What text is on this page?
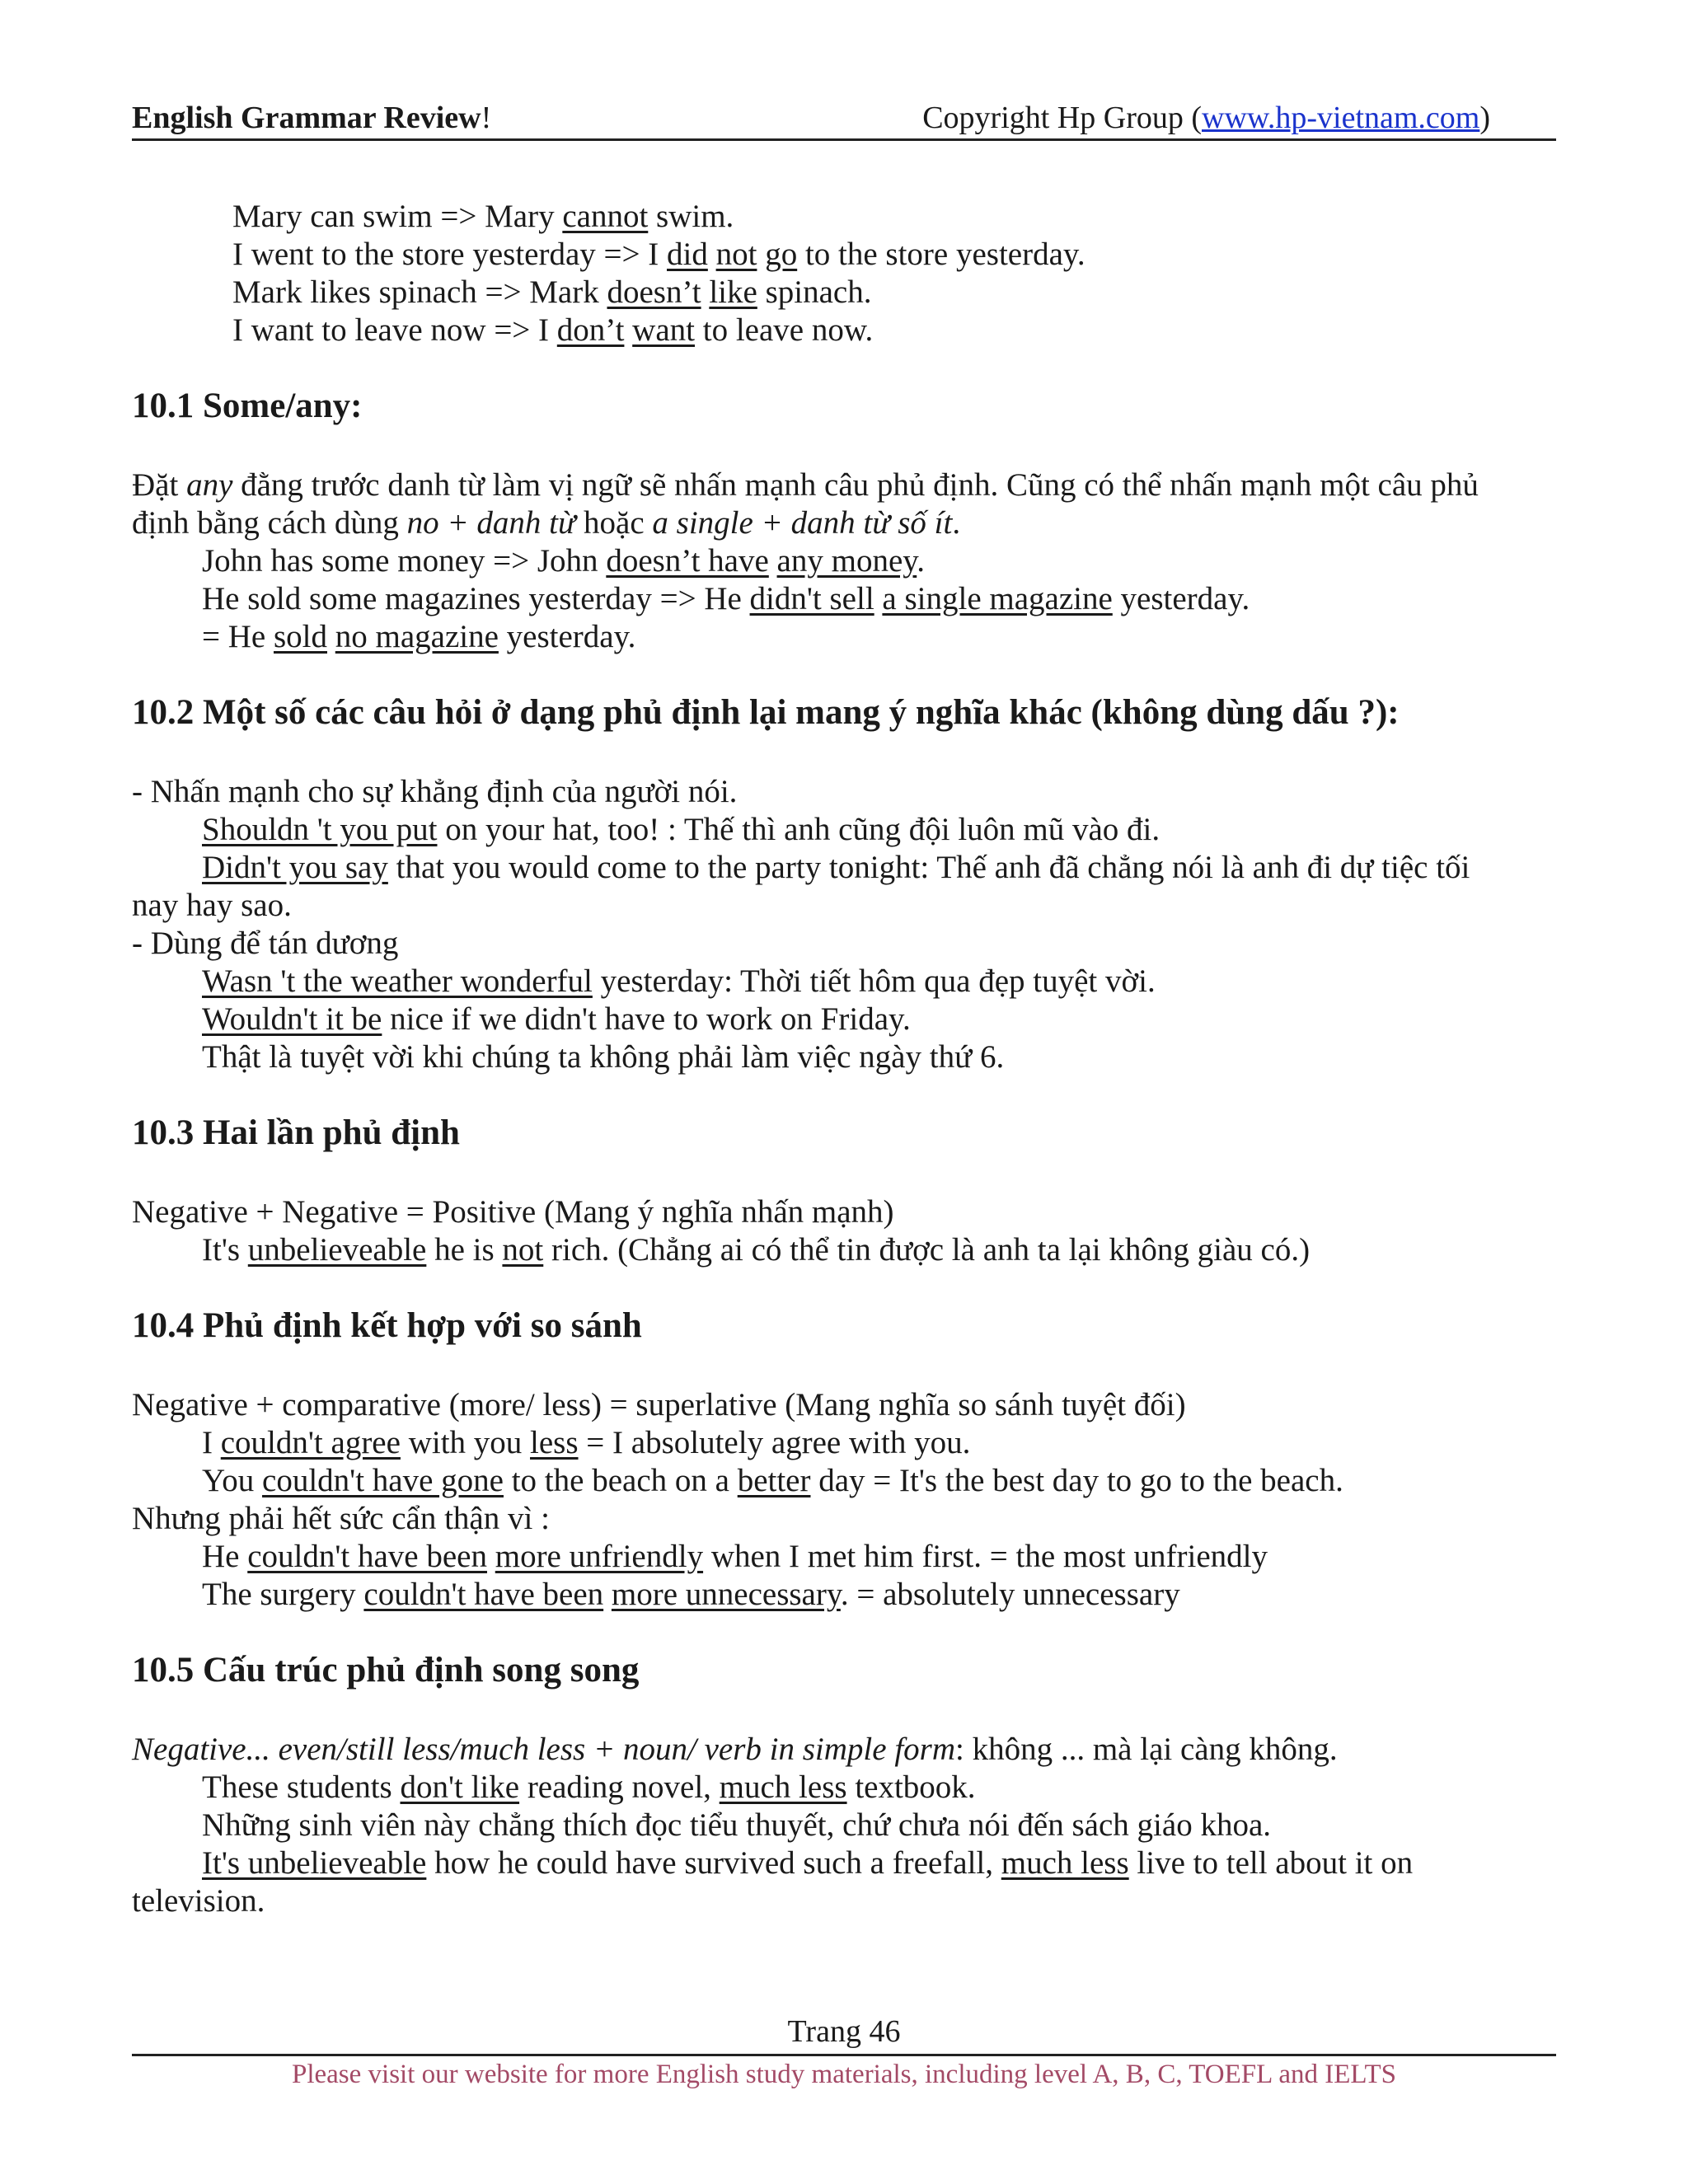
English Grammar Review!	Copyright Hp Group (www.hp-vietnam.com)
Mary can swim => Mary cannot swim.
I went to the store yesterday => I did not go to the store yesterday.
Mark likes spinach => Mark doesn’t like spinach.
I want to leave now => I don’t want to leave now.
10.1 Some/any:
Đặt any đằng trước danh từ làm vị ngữ sẽ nhấn mạnh câu phủ định. Cũng có thể nhấn mạnh một câu phủ định bằng cách dùng no + danh từ hoặc a single + danh từ số ít.
John has some money => John doesn’t have any money.
He sold some magazines yesterday => He didn't sell a single magazine yesterday.
= He sold no magazine yesterday.
10.2 Một số các câu hỏi ở dạng phủ định lại mang ý nghĩa khác (không dùng dấu ?):
- Nhấn mạnh cho sự khẳng định của người nói.
Shouldn 't you put on your hat, too! : Thế thì anh cũng đội luôn mũ vào đi.
Didn't you say that you would come to the party tonight: Thế anh đã chẳng nói là anh đi dự tiệc tối nay hay sao.
- Dùng để tán dương
Wasn 't the weather wonderful yesterday: Thời tiết hôm qua đẹp tuyệt vời.
Wouldn't it be nice if we didn't have to work on Friday.
Thật là tuyệt vời khi chúng ta không phải làm việc ngày thứ 6.
10.3 Hai lần phủ định
Negative + Negative = Positive (Mang ý nghĩa nhấn mạnh)
It's unbelieveable he is not rich. (Chẳng ai có thể tin được là anh ta lại không giàu có.)
10.4 Phủ định kết hợp với so sánh
Negative + comparative (more/ less) = superlative (Mang nghĩa so sánh tuyệt đối)
I couldn't agree with you less = I absolutely agree with you.
You couldn't have gone to the beach on a better day = It's the best day to go to the beach.
Nhưng phải hết sức cẩn thận vì :
He couldn't have been more unfriendly when I met him first. = the most unfriendly
The surgery couldn't have been more unnecessary. = absolutely unnecessary
10.5 Cấu trúc phủ định song song
Negative... even/still less/much less + noun/ verb in simple form: không ... mà lại càng không.
These students don't like reading novel, much less textbook.
Những sinh viên này chẳng thích đọc tiểu thuyết, chứ chưa nói đến sách giáo khoa.
It's unbelieveable how he could have survived such a freefall, much less live to tell about it on television.
Trang 46
Please visit our website for more English study materials, including level A, B, C, TOEFL and IELTS
